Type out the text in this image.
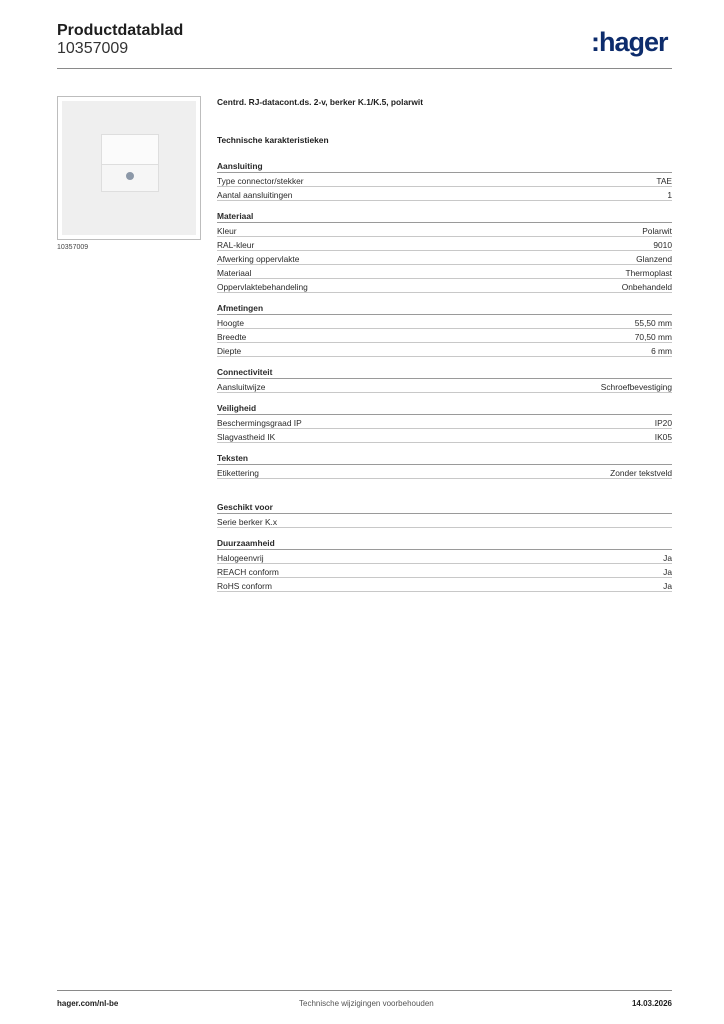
Productdatablad
10357009	:hager
10357009
Centrd. RJ-datacont.ds. 2-v, berker K.1/K.5, polarwit
Technische karakteristieken
Aansluiting
Type connector/stekker	TAE
Aantal aansluitingen	1
Materiaal
Kleur	Polarwit
RAL-kleur	9010
Afwerking oppervlakte	Glanzend
Materiaal	Thermoplast
Oppervlaktebehandeling	Onbehandeld
Afmetingen
Hoogte	55,50 mm
Breedte	70,50 mm
Diepte	6 mm
Connectiviteit
Aansluitwijze	Schroefbevestiging
Veiligheid
Beschermingsgraad IP	IP20
Slagvastheid IK	IK05
Teksten
Etikettering	Zonder tekstveld
Geschikt voor
Serie berker K.x
Duurzaamheid
Halogeenvrij	Ja
REACH conform	Ja
RoHS conform	Ja
hager.com/nl-be	Technische wijzigingen voorbehouden	14.03.2026
